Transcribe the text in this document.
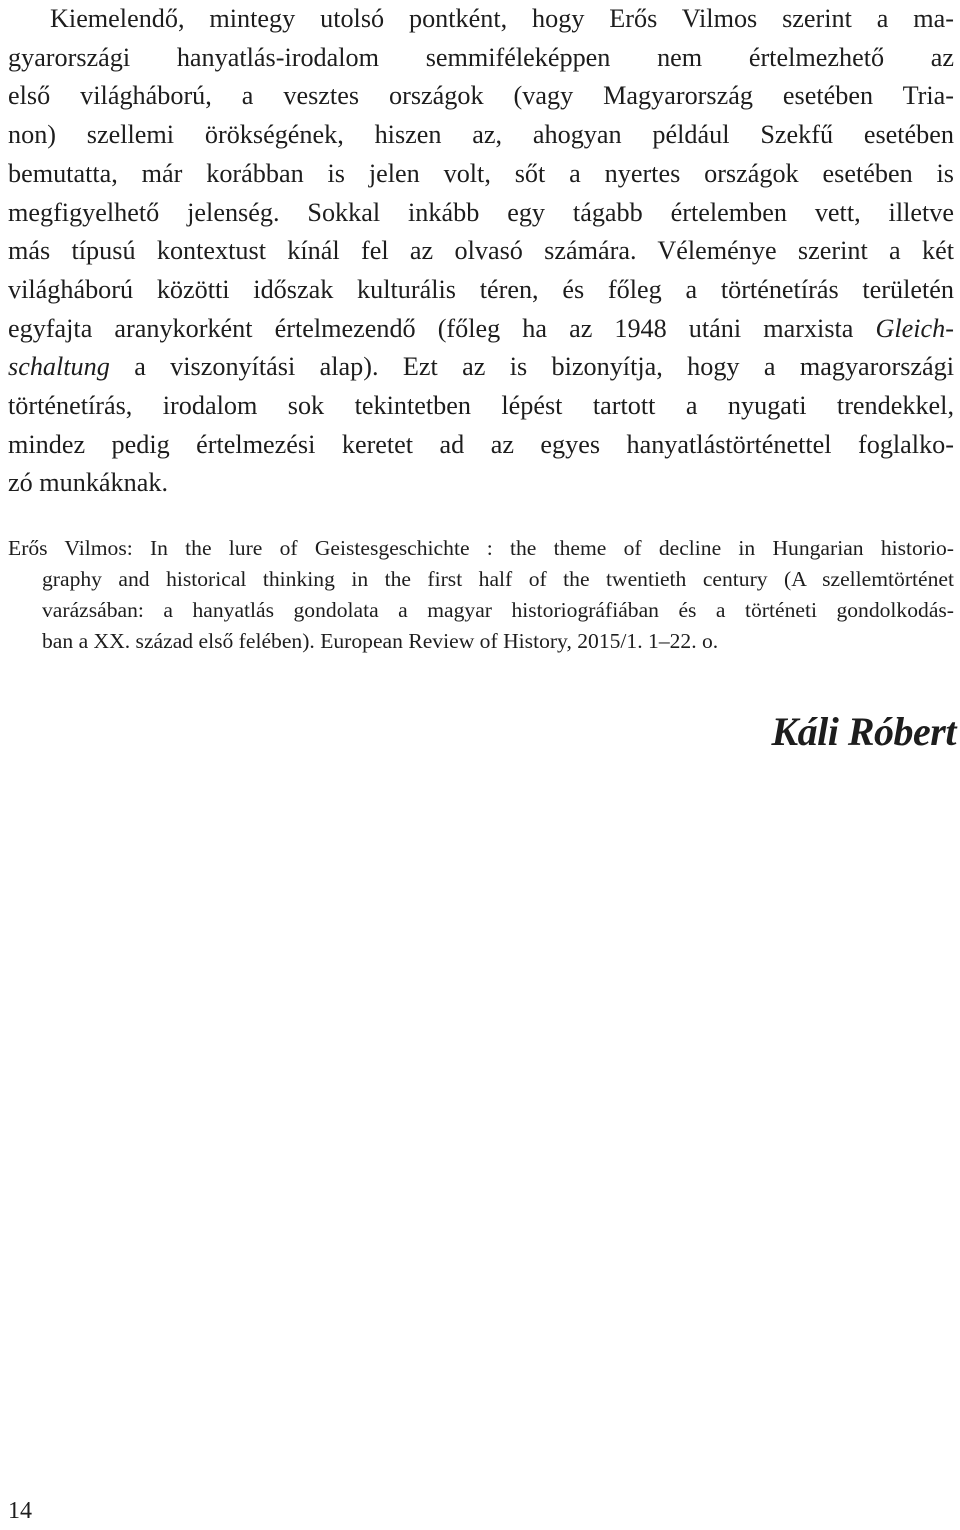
Kiemelendő, mintegy utolsó pontként, hogy Erős Vilmos szerint a ma-
gyarországi hanyatlás-irodalom semmiféleképpen nem értelmezhető az
első világháború, a vesztes országok (vagy Magyarország esetében Tria-
non) szellemi örökségének, hiszen az, ahogyan például Szekfű esetében
bemutatta, már korábban is jelen volt, sőt a nyertes országok esetében is
megfigyelhető jelenség. Sokkal inkább egy tágabb értelemben vett, illetve
más típusú kontextust kínál fel az olvasó számára. Véleménye szerint a két
világháború közötti időszak kulturális téren, és főleg a történetírás területén
egyfajta aranykorként értelmezendő (főleg ha az 1948 utáni marxista Gleich-
schaltung a viszonyítási alap). Ezt az is bizonyítja, hogy a magyarországi
történetírás, irodalom sok tekintetben lépést tartott a nyugati trendekkel,
mindez pedig értelmezési keretet ad az egyes hanyatlástörténettel foglalko-
zó munkáknak.
Erős Vilmos: In the lure of Geistesgeschichte : the theme of decline in Hungarian historio-
graphy and historical thinking in the first half of the twentieth century (A szellemtörténet
varázsában: a hanyatlás gondolata a magyar historiográfiában és a történeti gondolkodás-
ban a XX. század első felében). European Review of History, 2015/1. 1–22. o.

Káli Róbert

14
